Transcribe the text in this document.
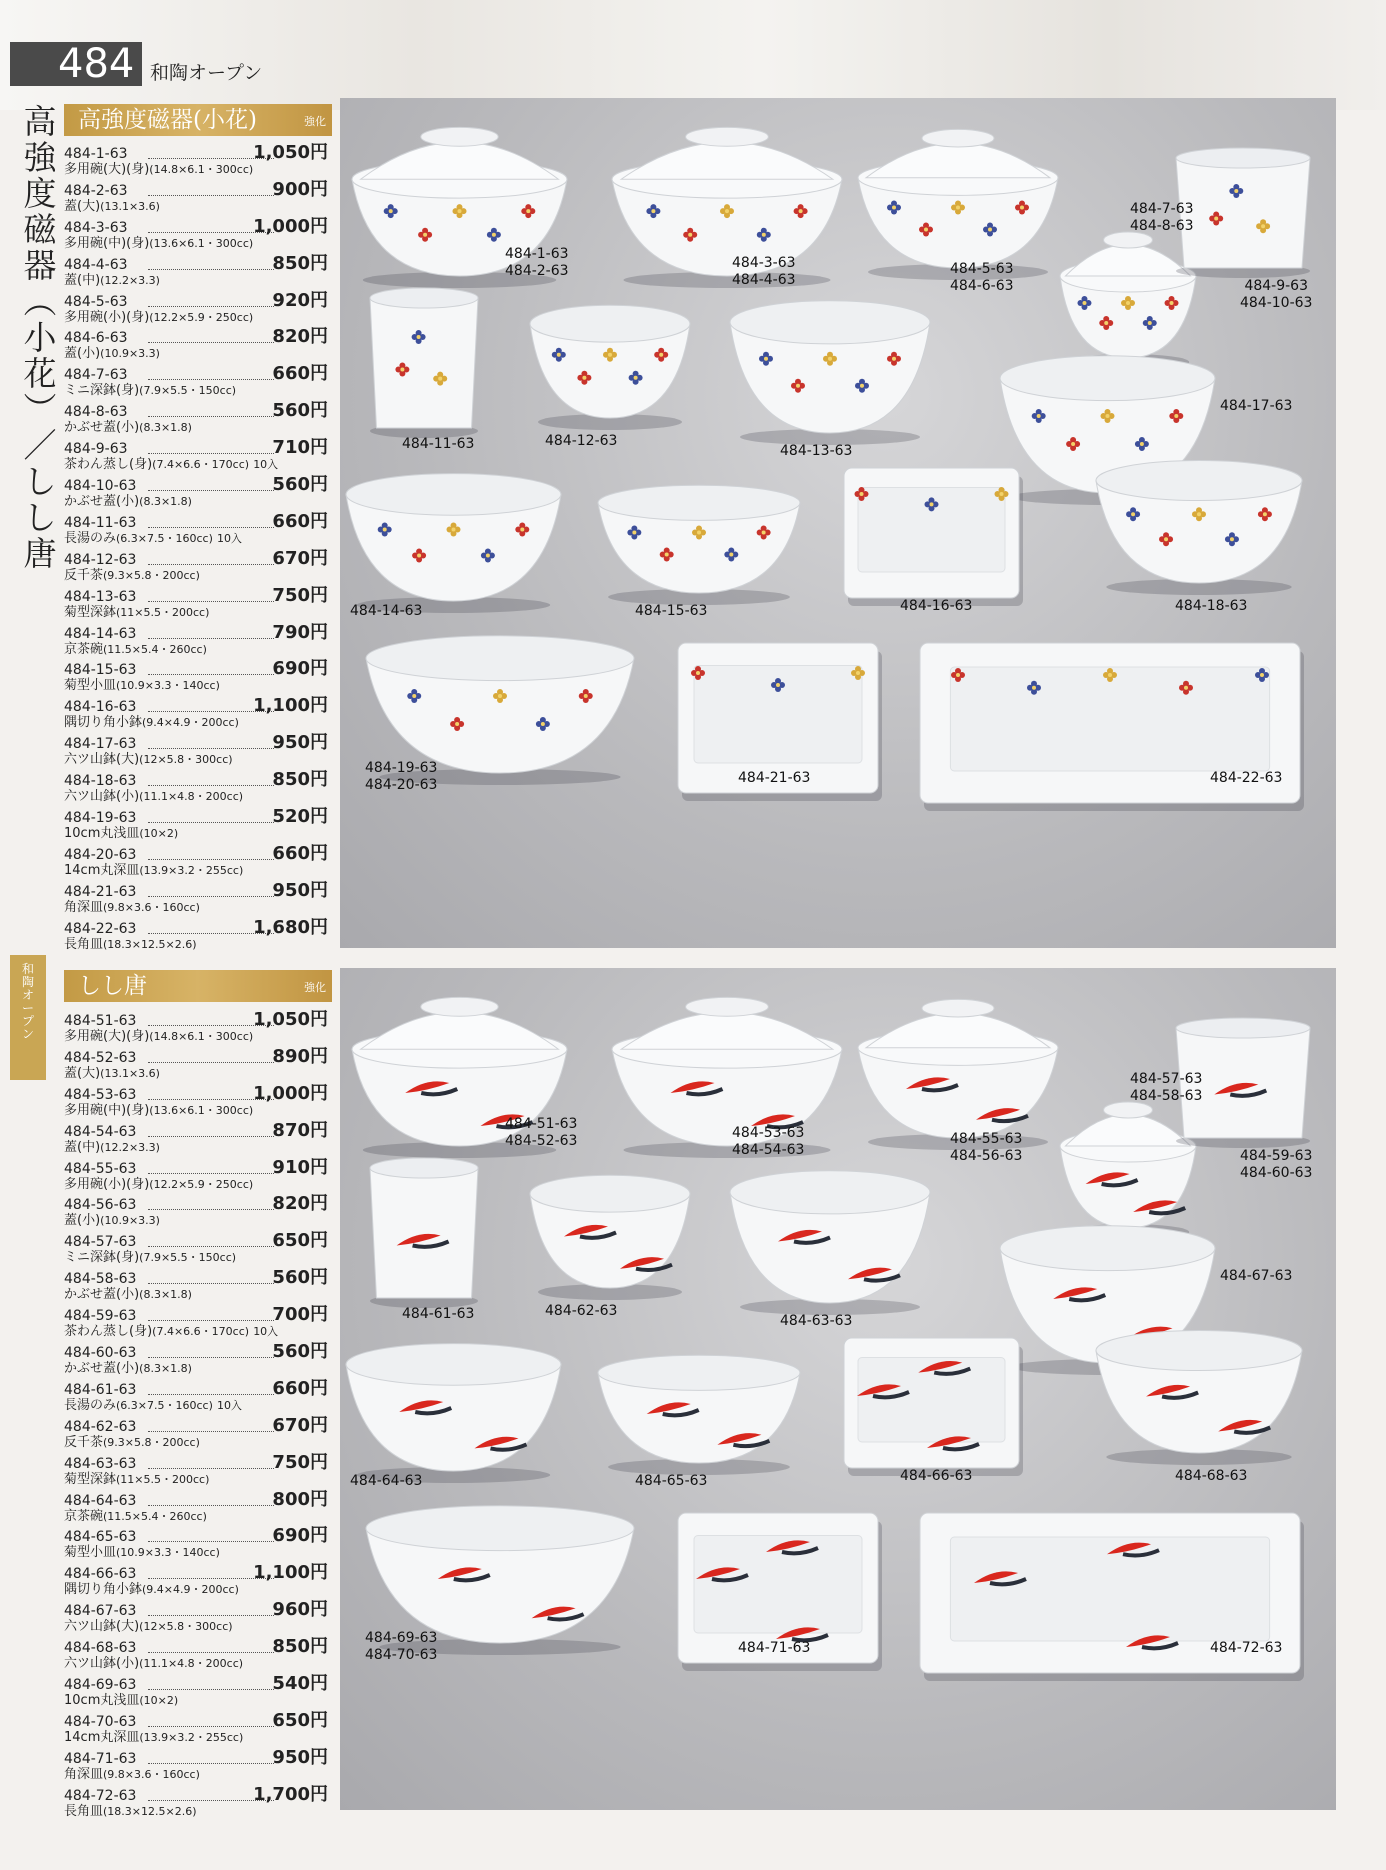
484 和陶オープン
高
強
度
磁
器
︵
小
花
︶
／
し
し
唐
和
陶
オ
ー
プ
ン
高強度磁器(小花)	強化
484-1-63	1,050円
多用碗(大)(身)(14.8×6.1・300cc)
484-2-63	900円
蓋(大)(13.1×3.6)
484-3-63	1,000円
多用碗(中)(身)(13.6×6.1・300cc)
484-4-63	850円
蓋(中)(12.2×3.3)
484-5-63	920円
多用碗(小)(身)(12.2×5.9・250cc)
484-6-63	820円
蓋(小)(10.9×3.3)
484-7-63	660円
ミニ深鉢(身)(7.9×5.5・150cc)
484-8-63	560円
かぶせ蓋(小)(8.3×1.8)
484-9-63	710円
茶わん蒸し(身)(7.4×6.6・170cc) 10入
484-10-63	560円
かぶせ蓋(小)(8.3×1.8)
484-11-63	660円
長湯のみ(6.3×7.5・160cc) 10入
484-12-63	670円
反千茶(9.3×5.8・200cc)
484-13-63	750円
菊型深鉢(11×5.5・200cc)
484-14-63	790円
京茶碗(11.5×5.4・260cc)
484-15-63	690円
菊型小皿(10.9×3.3・140cc)
484-16-63	1,100円
隅切り角小鉢(9.4×4.9・200cc)
484-17-63	950円
六ツ山鉢(大)(12×5.8・300cc)
484-18-63	850円
六ツ山鉢(小)(11.1×4.8・200cc)
484-19-63	520円
10cm丸浅皿(10×2)
484-20-63	660円
14cm丸深皿(13.9×3.2・255cc)
484-21-63	950円
角深皿(9.8×3.6・160cc)
484-22-63	1,680円
長角皿(18.3×12.5×2.6)
しし唐	強化
484-51-63	1,050円
多用碗(大)(身)(14.8×6.1・300cc)
484-52-63	890円
蓋(大)(13.1×3.6)
484-53-63	1,000円
多用碗(中)(身)(13.6×6.1・300cc)
484-54-63	870円
蓋(中)(12.2×3.3)
484-55-63	910円
多用碗(小)(身)(12.2×5.9・250cc)
484-56-63	820円
蓋(小)(10.9×3.3)
484-57-63	650円
ミニ深鉢(身)(7.9×5.5・150cc)
484-58-63	560円
かぶせ蓋(小)(8.3×1.8)
484-59-63	700円
茶わん蒸し(身)(7.4×6.6・170cc) 10入
484-60-63	560円
かぶせ蓋(小)(8.3×1.8)
484-61-63	660円
長湯のみ(6.3×7.5・160cc) 10入
484-62-63	670円
反千茶(9.3×5.8・200cc)
484-63-63	750円
菊型深鉢(11×5.5・200cc)
484-64-63	800円
京茶碗(11.5×5.4・260cc)
484-65-63	690円
菊型小皿(10.9×3.3・140cc)
484-66-63	1,100円
隅切り角小鉢(9.4×4.9・200cc)
484-67-63	960円
六ツ山鉢(大)(12×5.8・300cc)
484-68-63	850円
六ツ山鉢(小)(11.1×4.8・200cc)
484-69-63	540円
10cm丸浅皿(10×2)
484-70-63	650円
14cm丸深皿(13.9×3.2・255cc)
484-71-63	950円
角深皿(9.8×3.6・160cc)
484-72-63	1,700円
長角皿(18.3×12.5×2.6)
484-1-63
484-2-63	484-3-63
484-4-63
484-5-63
484-6-63
484-7-63
484-8-63
484-9-63
484-10-63
484-11-63	484-12-63
484-13-63
484-17-63
484-14-63	484-15-63	484-16-63	484-18-63
484-19-63
484-20-63	484-21-63	484-22-63
484-51-63
484-52-63	484-53-63
484-54-63
484-55-63
484-56-63
484-57-63
484-58-63
484-59-63
484-60-63
484-61-63	484-62-63
484-63-63
484-67-63
484-64-63	484-65-63	484-66-63	484-68-63
484-69-63
484-70-63	484-71-63	484-72-63
